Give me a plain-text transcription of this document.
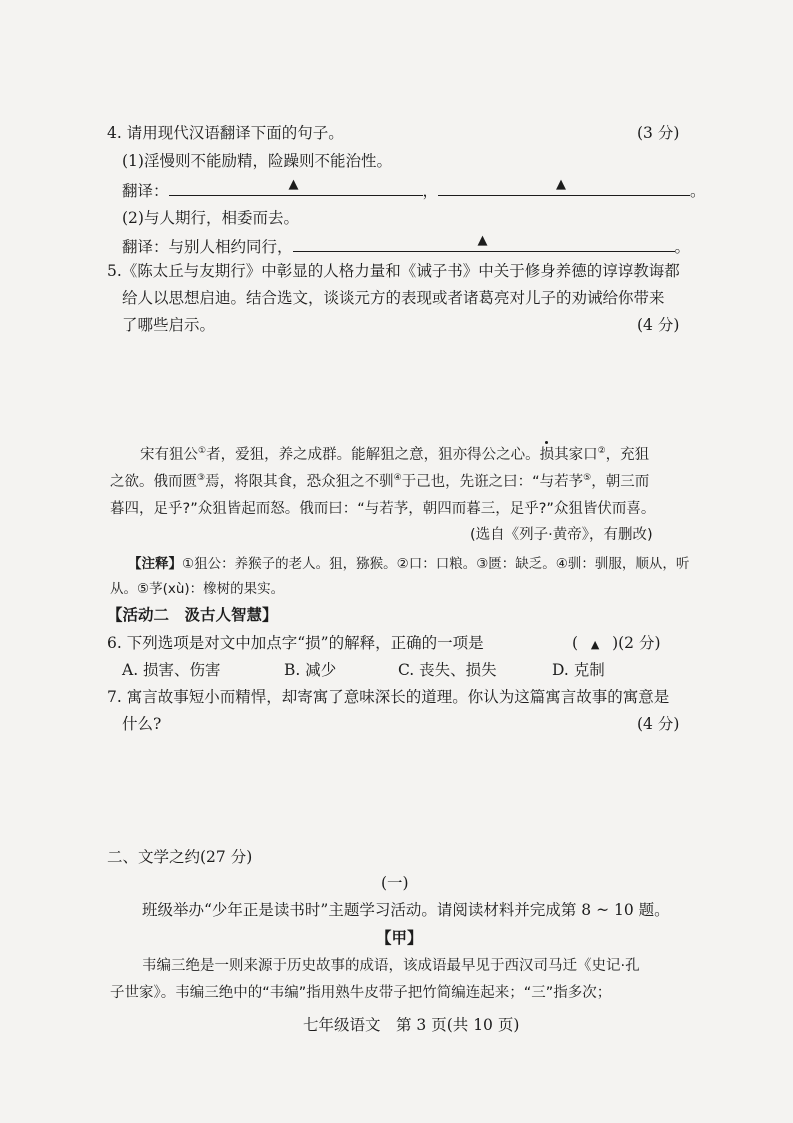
4. 请用现代汉语翻译下面的句子。	(3 分)
(1)淫慢则不能励精，险躁则不能治性。
翻译：	▲	，	▲	。
(2)与人期行，相委而去。
翻译：与别人相约同行，	▲	。
5.《陈太丘与友期行》中彰显的人格力量和《诫子书》中关于修身养德的谆谆教诲都
给人以思想启迪。结合选文，谈谈元方的表现或者诸葛亮对儿子的劝诫给你带来
了哪些启示。	(4 分)
宋有狙公①者，爱狙，养之成群。能解狙之意，狙亦得公之心。损其家口②，充狙
之欲。俄而匮③焉，将限其食，恐众狙之不驯④于己也，先诳之曰：“与若芧⑤，朝三而
暮四，足乎?”众狙皆起而怒。俄而曰：“与若芧，朝四而暮三，足乎?”众狙皆伏而喜。
(选自《列子·黄帝》，有删改)
【注释】①狙公：养猴子的老人。狙，猕猴。②口：口粮。③匮：缺乏。④驯：驯服，顺从，听
从。⑤芧(xù)：橡树的果实。
【活动二　汲古人智慧】
6. 下列选项是对文中加点字“损”的解释，正确的一项是	( ▲ )(2 分)
A. 损害、伤害	B. 减少	C. 丧失、损失	D. 克制
7. 寓言故事短小而精悍，却寄寓了意味深长的道理。你认为这篇寓言故事的寓意是
什么?	(4 分)
二、文学之约(27 分)
(一)
班级举办“少年正是读书时”主题学习活动。请阅读材料并完成第 8 ~ 10 题。
【甲】
韦编三绝是一则来源于历史故事的成语，该成语最早见于西汉司马迁《史记·孔
子世家》。韦编三绝中的“韦编”指用熟牛皮带子把竹简编连起来；“三”指多次；
七年级语文　第 3 页(共 10 页)
